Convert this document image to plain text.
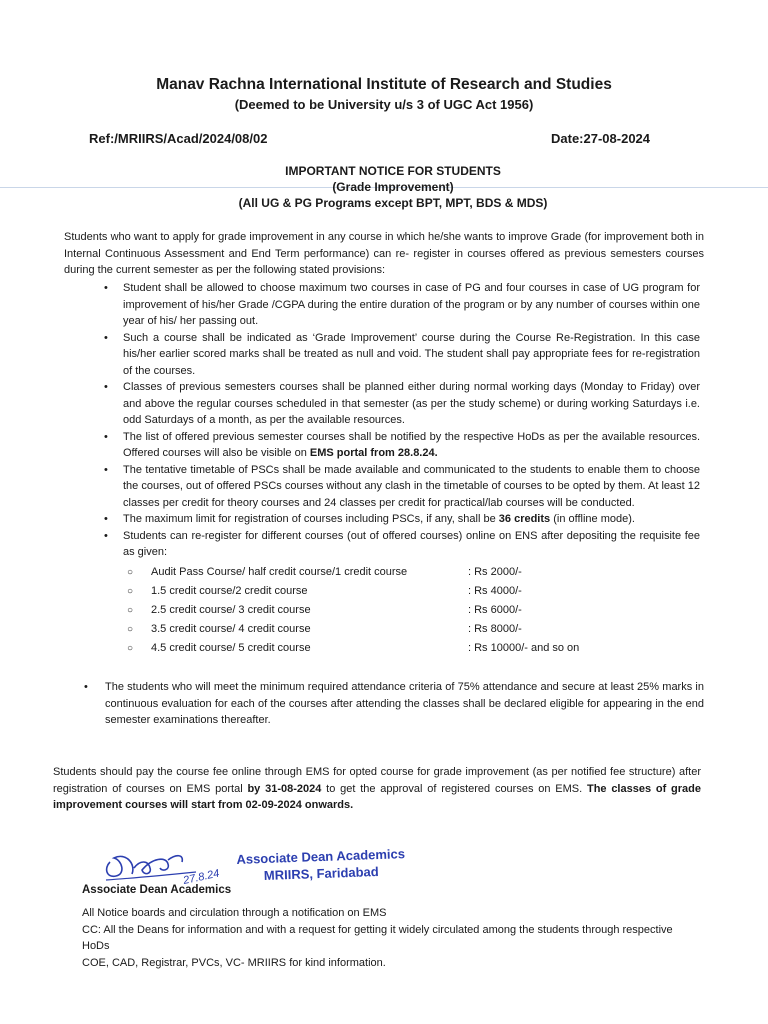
Manav Rachna International Institute of Research and Studies
(Deemed to be University u/s 3 of UGC Act 1956)
Ref:/MRIIRS/Acad/2024/08/02	Date:27-08-2024
IMPORTANT NOTICE FOR STUDENTS
(Grade Improvement)
(All UG & PG Programs except BPT, MPT, BDS & MDS)
Students who want to apply for grade improvement in any course in which he/she wants to improve Grade (for improvement both in Internal Continuous Assessment and End Term performance) can re- register in courses offered as previous semesters courses during the current semester as per the following stated provisions:
• Student shall be allowed to choose maximum two courses in case of PG and four courses in case of UG program for improvement of his/her Grade /CGPA during the entire duration of the program or by any number of courses within one year of his/ her passing out.
• Such a course shall be indicated as ‘Grade Improvement’ course during the Course Re-Registration. In this case his/her earlier scored marks shall be treated as null and void. The student shall pay appropriate fees for re-registration of the courses.
• Classes of previous semesters courses shall be planned either during normal working days (Monday to Friday) over and above the regular courses scheduled in that semester (as per the study scheme) or during working Saturdays i.e. odd Saturdays of a month, as per the available resources.
• The list of offered previous semester courses shall be notified by the respective HoDs as per the available resources. Offered courses will also be visible on EMS portal from 28.8.24.
• The tentative timetable of PSCs shall be made available and communicated to the students to enable them to choose the courses, out of offered PSCs courses without any clash in the timetable of courses to be opted by them. At least 12 classes per credit for theory courses and 24 classes per credit for practical/lab courses will be conducted.
• The maximum limit for registration of courses including PSCs, if any, shall be 36 credits (in offline mode).
• Students can re-register for different courses (out of offered courses) online on ENS after depositing the requisite fee as given:
○ Audit Pass Course/ half credit course/1 credit course	: Rs 2000/-
○ 1.5 credit course/2 credit course	: Rs 4000/-
○ 2.5 credit course/ 3 credit course	: Rs 6000/-
○ 3.5 credit course/ 4 credit course	: Rs 8000/-
○ 4.5 credit course/ 5 credit course	: Rs 10000/- and so on
• The students who will meet the minimum required attendance criteria of 75% attendance and secure at least 25% marks in continuous evaluation for each of the courses after attending the classes shall be declared eligible for appearing in the end semester examinations thereafter.
Students should pay the course fee online through EMS for opted course for grade improvement (as per notified fee structure) after registration of courses on EMS portal by 31-08-2024 to get the approval of registered courses on EMS. The classes of grade improvement courses will start from 02-09-2024 onwards.
27.8.24
Associate Dean Academics
MRIIRS, Faridabad
Associate Dean Academics

All Notice boards and circulation through a notification on EMS

CC: All the Deans for information and with a request for getting it widely circulated among the students through respective HoDs

COE, CAD, Registrar, PVCs, VC- MRIIRS for kind information.
